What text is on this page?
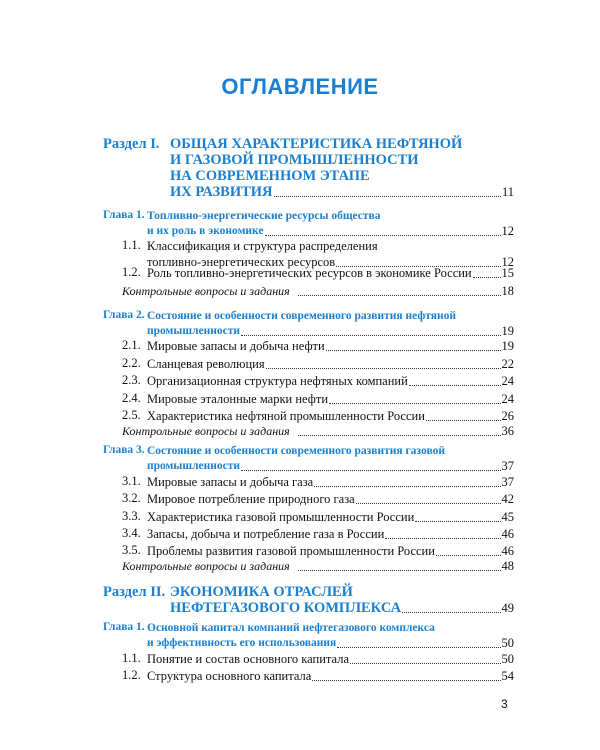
ОГЛАВЛЕНИЕ
Раздел I. ОБЩАЯ ХАРАКТЕРИСТИКА НЕФТЯНОЙ
И ГАЗОВОЙ ПРОМЫШЛЕННОСТИ
НА СОВРЕМЕННОМ ЭТАПЕ
ИХ РАЗВИТИЯ	11
Глава 1. Топливно-энергетические ресурсы общества
и их роль в экономике	12
1.1. Классификация и структура распределения
топливно-энергетических ресурсов	12
1.2. Роль топливно-энергетических ресурсов в экономике России 15
Контрольные вопросы и задания	18
Глава 2. Состояние и особенности современного развития нефтяной
промышленности	19
2.1. Мировые запасы и добыча нефти	19
2.2. Сланцевая революция	22
2.3. Организационная структура нефтяных компаний	24
2.4. Мировые эталонные марки нефти	24
2.5. Характеристика нефтяной промышленности России	26
Контрольные вопросы и задания	36
Глава 3. Состояние и особенности современного развития газовой
промышленности	37
3.1. Мировые запасы и добыча газа	37
3.2. Мировое потребление природного газа	42
3.3. Характеристика газовой промышленности России	45
3.4. Запасы, добыча и потребление газа в России	46
3.5. Проблемы развития газовой промышленности России	46
Контрольные вопросы и задания	48
Раздел II. ЭКОНОМИКА ОТРАСЛЕЙ
НЕФТЕГАЗОВОГО КОМПЛЕКСА	49
Глава 1. Основной капитал компаний нефтегазового комплекса
и эффективность его использования	50
1.1. Понятие и состав основного капитала	50
1.2. Структура основного капитала	54
3
